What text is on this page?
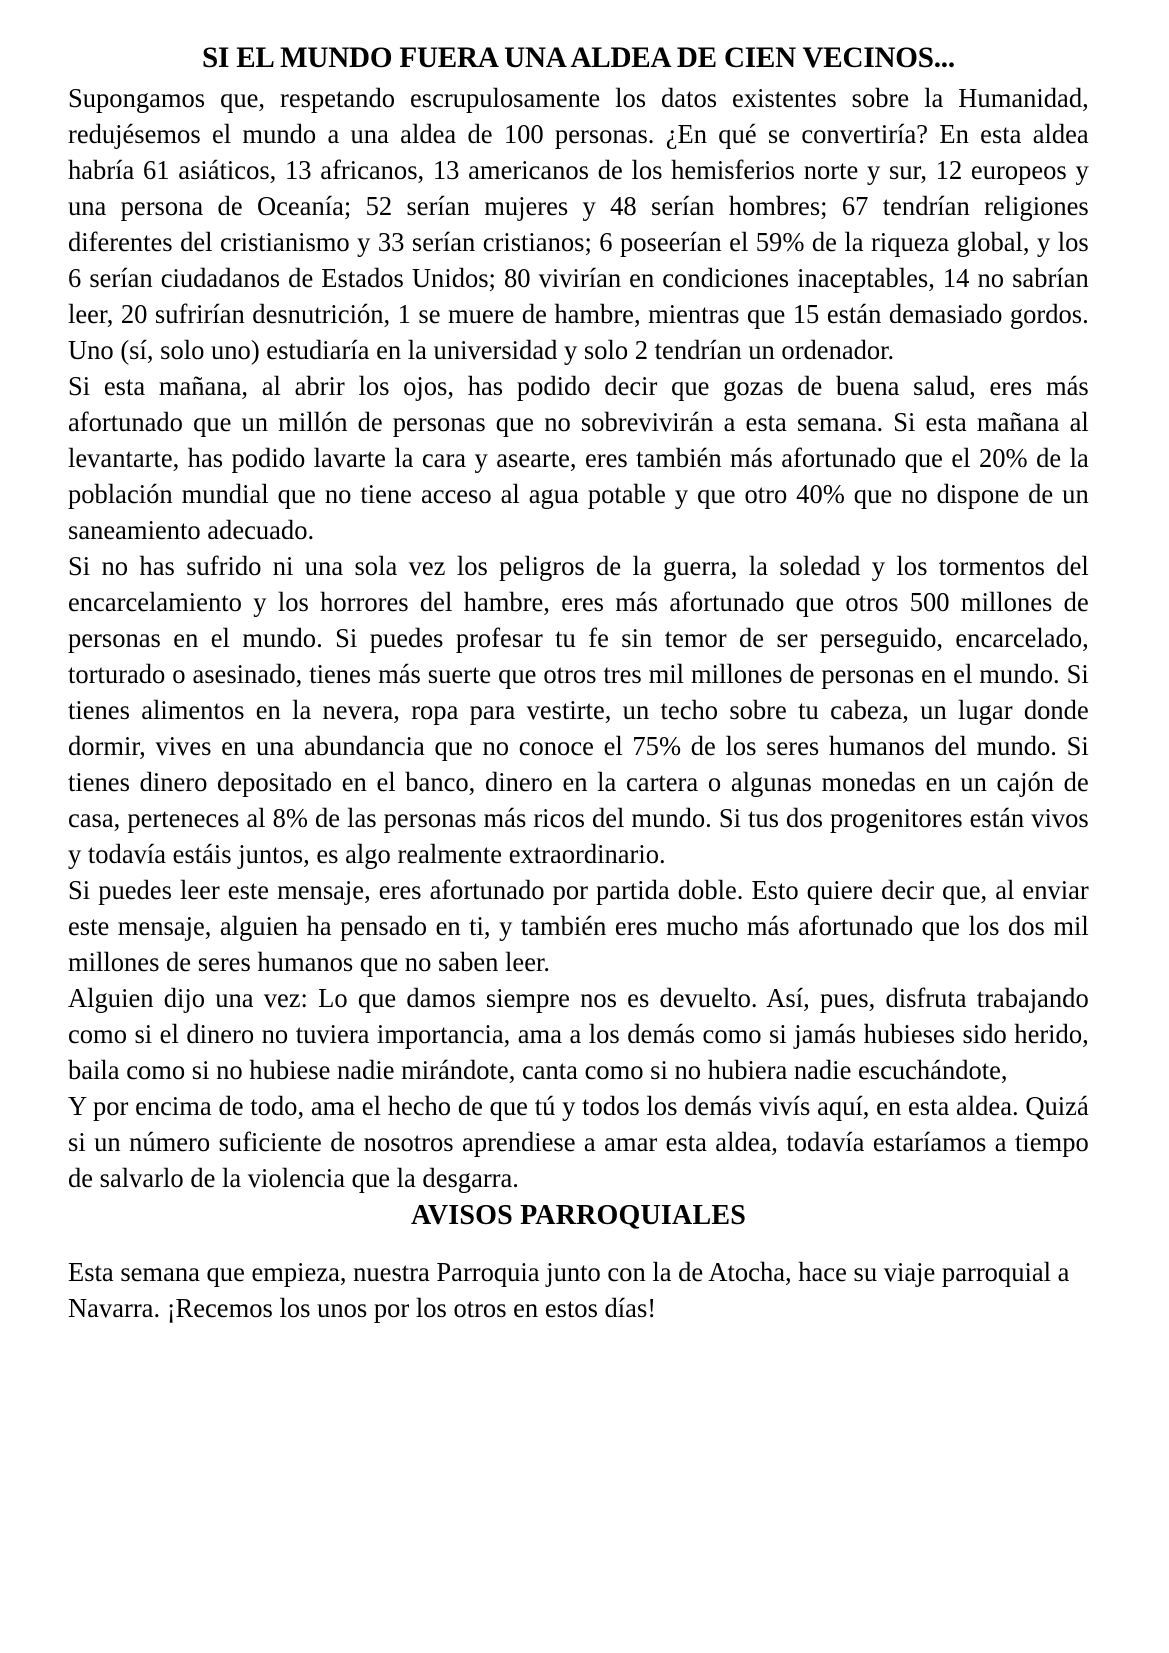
SI EL MUNDO FUERA UNA ALDEA DE CIEN VECINOS...

Supongamos que, respetando escrupulosamente los datos existentes sobre la Humanidad, redujésemos el mundo a una aldea de 100 personas. ¿En qué se convertiría? En esta aldea habría 61 asiáticos, 13 africanos, 13 americanos de los hemisferios norte y sur, 12 europeos y una persona de Oceanía; 52 serían mujeres y 48 serían hombres; 67 tendrían religiones diferentes del cristianismo y 33 serían cristianos; 6 poseerían el 59% de la riqueza global, y los 6 serían ciudadanos de Estados Unidos; 80 vivirían en condiciones inaceptables, 14 no sabrían leer, 20 sufrirían desnutrición, 1 se muere de hambre, mientras que 15 están demasiado gordos. Uno (sí, solo uno) estudiaría en la universidad y solo 2 tendrían un ordenador.

Si esta mañana, al abrir los ojos, has podido decir que gozas de buena salud, eres más afortunado que un millón de personas que no sobrevivirán a esta semana. Si esta mañana al levantarte, has podido lavarte la cara y asearte, eres también más afortunado que el 20% de la población mundial que no tiene acceso al agua potable y que otro 40% que no dispone de un saneamiento adecuado.

Si no has sufrido ni una sola vez los peligros de la guerra, la soledad y los tormentos del encarcelamiento y los horrores del hambre, eres más afortunado que otros 500 millones de personas en el mundo. Si puedes profesar tu fe sin temor de ser perseguido, encarcelado, torturado o asesinado, tienes más suerte que otros tres mil millones de personas en el mundo. Si tienes alimentos en la nevera, ropa para vestirte, un techo sobre tu cabeza, un lugar donde dormir, vives en una abundancia que no conoce el 75% de los seres humanos del mundo. Si tienes dinero depositado en el banco, dinero en la cartera o algunas monedas en un cajón de casa, perteneces al 8% de las personas más ricos del mundo. Si tus dos progenitores están vivos y todavía estáis juntos, es algo realmente extraordinario.

Si puedes leer este mensaje, eres afortunado por partida doble. Esto quiere decir que, al enviar este mensaje, alguien ha pensado en ti, y también eres mucho más afortunado que los dos mil millones de seres humanos que no saben leer.

Alguien dijo una vez: Lo que damos siempre nos es devuelto. Así, pues, disfruta trabajando como si el dinero no tuviera importancia, ama a los demás como si jamás hubieses sido herido, baila como si no hubiese nadie mirándote, canta como si no hubiera nadie escuchándote,

Y por encima de todo, ama el hecho de que tú y todos los demás vivís aquí, en esta aldea. Quizá si un número suficiente de nosotros aprendiese a amar esta aldea, todavía estaríamos a tiempo de salvarlo de la violencia que la desgarra.

AVISOS PARROQUIALES

Esta semana que empieza, nuestra Parroquia junto con la de Atocha, hace su viaje parroquial a Navarra. ¡Recemos los unos por los otros en estos días!
